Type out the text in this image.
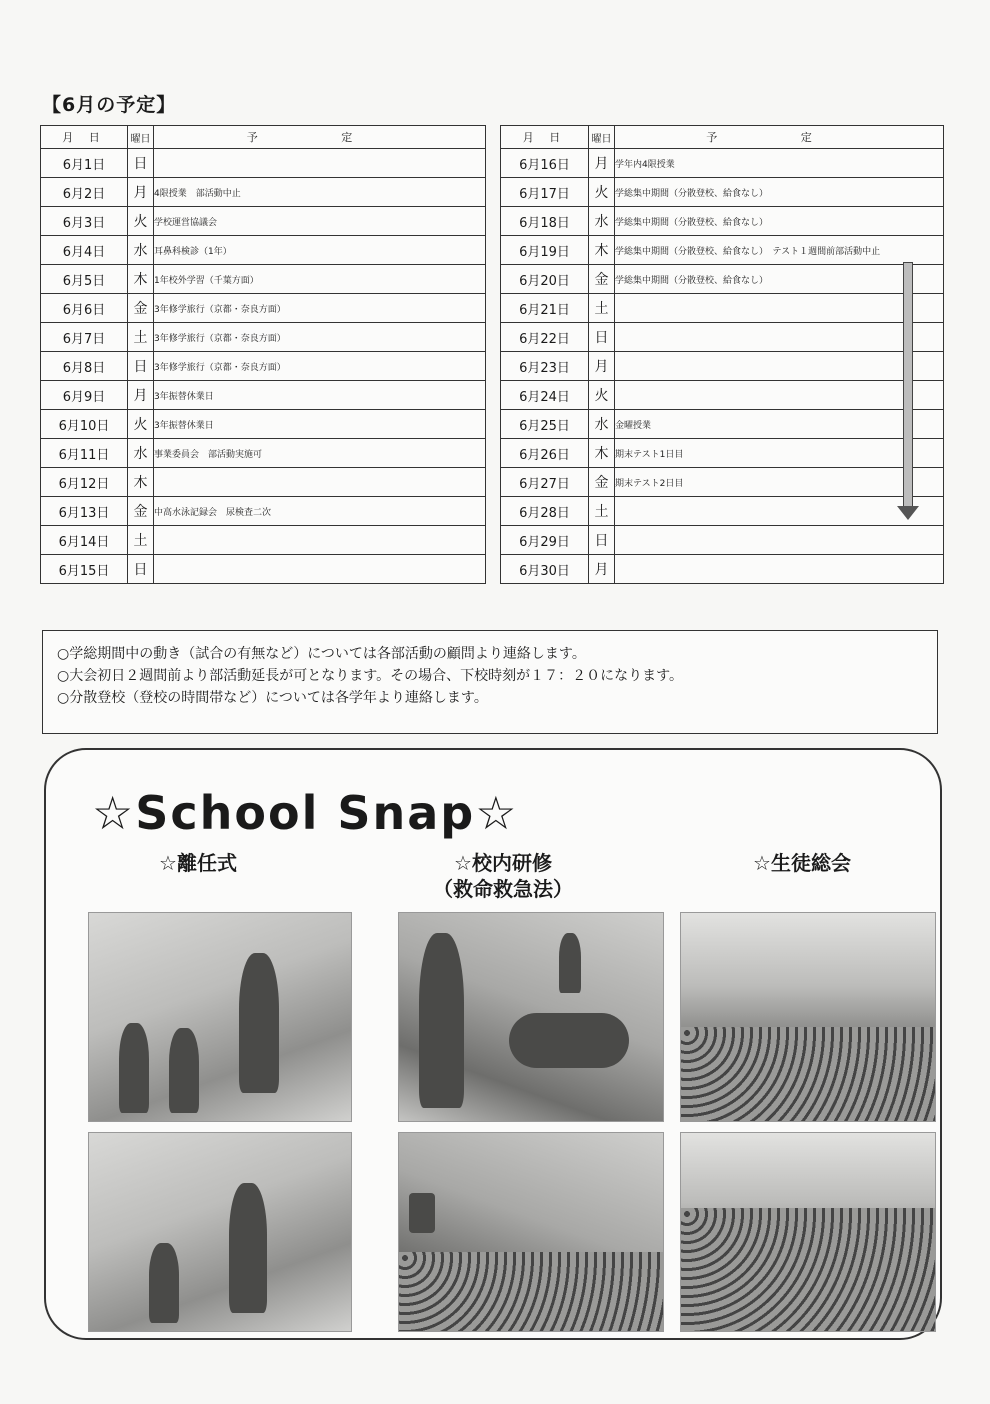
【6月の予定】
月 日	曜日	予 定
6月1日	日	
6月2日	月	4限授業　部活動中止
6月3日	火	学校運営協議会
6月4日	水	耳鼻科検診（1年）
6月5日	木	1年校外学習（千葉方面）
6月6日	金	3年修学旅行（京都・奈良方面）
6月7日	土	3年修学旅行（京都・奈良方面）
6月8日	日	3年修学旅行（京都・奈良方面）
6月9日	月	3年振替休業日
6月10日	火	3年振替休業日
6月11日	水	事業委員会　部活動実施可
6月12日	木	
6月13日	金	中高水泳記録会　尿検査二次
6月14日	土	
6月15日	日	
月 日	曜日	予 定
6月16日	月	学年内4限授業
6月17日	火	学総集中期間（分散登校、給食なし）
6月18日	水	学総集中期間（分散登校、給食なし）
6月19日	木	学総集中期間（分散登校、給食なし）　テスト１週間前部活動中止
6月20日	金	学総集中期間（分散登校、給食なし）
6月21日	土	
6月22日	日	
6月23日	月	
6月24日	火	
6月25日	水	金曜授業
6月26日	木	期末テスト1日目
6月27日	金	期末テスト2日目
6月28日	土	
6月29日	日	
6月30日	月	
○学総期間中の動き（試合の有無など）については各部活動の顧問より連絡します。
○大会初日２週間前より部活動延長が可となります。その場合、下校時刻が１７：２０になります。
○分散登校（登校の時間帯など）については各学年より連絡します。
☆School Snap☆
☆離任式	☆校内研修
（救命救急法）
☆生徒総会
